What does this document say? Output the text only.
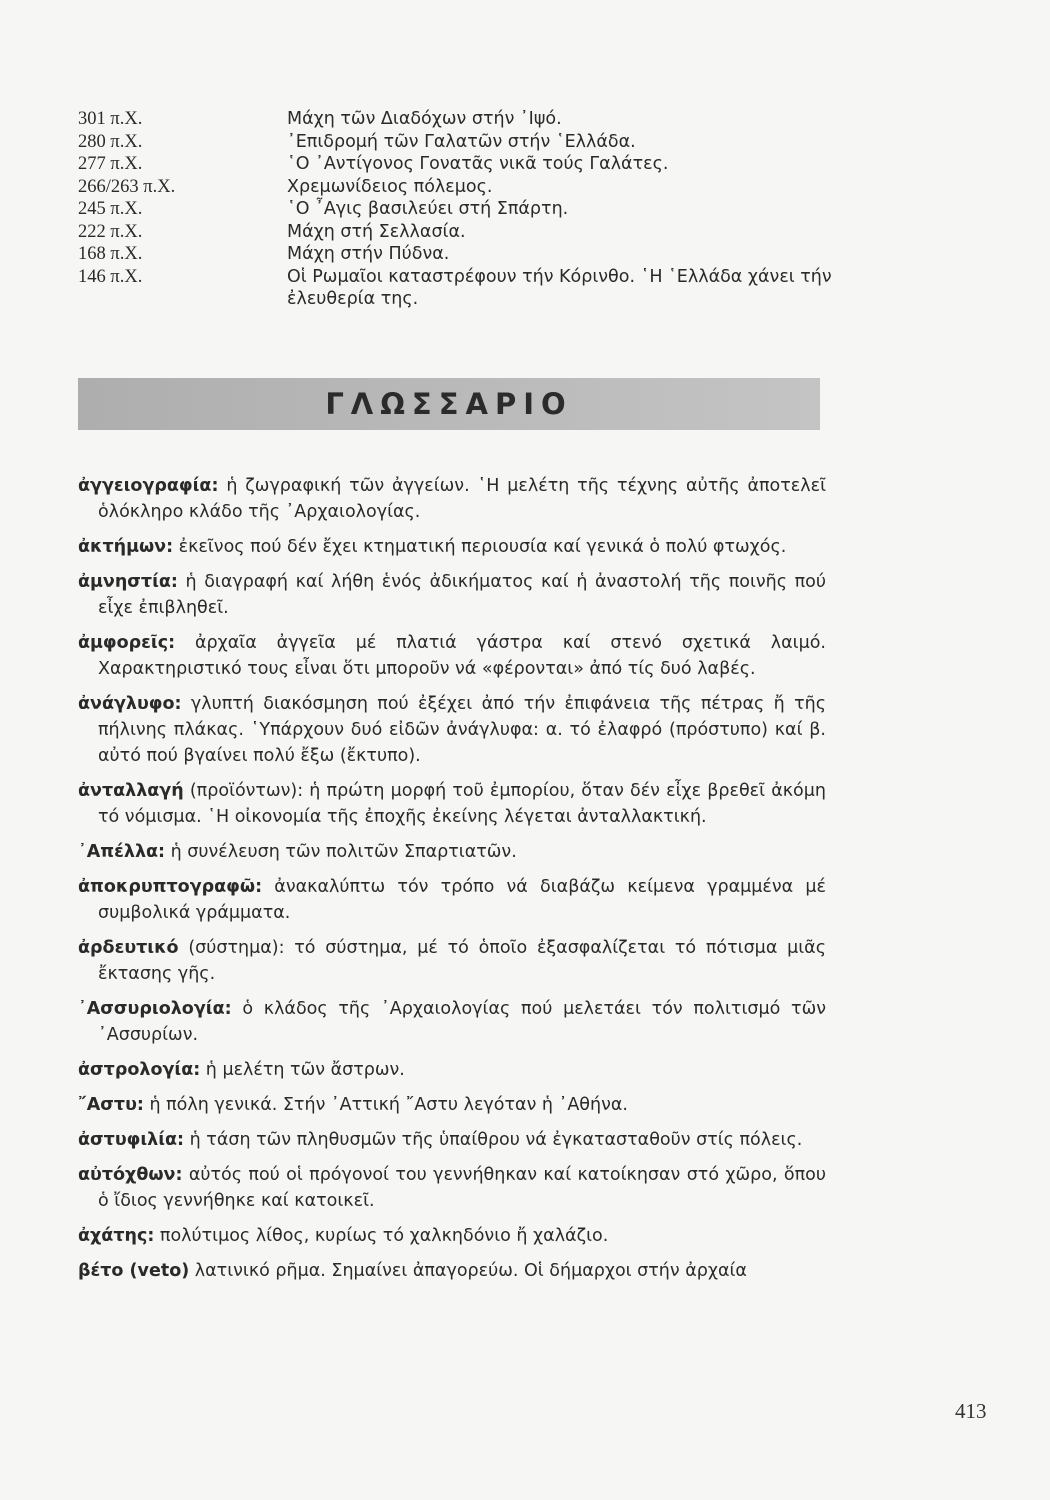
301 π.Χ.	Μάχη τῶν Διαδόχων στήν ᾿Ιψό.
280 π.Χ.	᾿Επιδρομή τῶν Γαλατῶν στήν ῾Ελλάδα.
277 π.Χ.	῾Ο ᾿Αντίγονος Γονατᾶς νικᾶ τούς Γαλάτες.
266/263 π.Χ.	Χρεμωνίδειος πόλεμος.
245 π.Χ.	῾Ο ῏Αγις βασιλεύει στή Σπάρτη.
222 π.Χ.	Μάχη στή Σελλασία.
168 π.Χ.	Μάχη στήν Πύδνα.
146 π.Χ.	Οἱ Ρωμαῖοι καταστρέφουν τήν Κόρινθο. ῾Η ῾Ελλάδα χάνει τήν ἐλευθερία της.
ΓΛΩΣΣΑΡΙΟ
ἀγγειογραφία: ἡ ζωγραφική τῶν ἀγγείων. ῾Η μελέτη τῆς τέχνης αὐτῆς ἀποτελεῖ ὁλόκληρο κλάδο τῆς ᾿Αρχαιολογίας.
ἀκτήμων: ἐκεῖνος πού δέν ἔχει κτηματική περιουσία καί γενικά ὁ πολύ φτωχός.
ἀμνηστία: ἡ διαγραφή καί λήθη ἑνός ἀδικήματος καί ἡ ἀναστολή τῆς ποινῆς πού εἶχε ἐπιβληθεῖ.
ἀμφορεῖς: ἀρχαῖα ἀγγεῖα μέ πλατιά γάστρα καί στενό σχετικά λαιμό. Χαρακτηριστικό τους εἶναι ὅτι μποροῦν νά «φέρονται» ἀπό τίς δυό λαβές.
ἀνάγλυφο: γλυπτή διακόσμηση πού ἐξέχει ἀπό τήν ἐπιφάνεια τῆς πέτρας ἤ τῆς πήλινης πλάκας. ῾Υπάρχουν δυό εἰδῶν ἀνάγλυφα: α. τό ἐλαφρό (πρόστυπο) καί β. αὐτό πού βγαίνει πολύ ἔξω (ἔκτυπο).
ἀνταλλαγή (προϊόντων): ἡ πρώτη μορφή τοῦ ἐμπορίου, ὅταν δέν εἶχε βρεθεῖ ἀκόμη τό νόμισμα. ῾Η οἰκονομία τῆς ἐποχῆς ἐκείνης λέγεται ἀνταλλακτική.
᾿Απέλλα: ἡ συνέλευση τῶν πολιτῶν Σπαρτιατῶν.
ἀποκρυπτογραφῶ: ἀνακαλύπτω τόν τρόπο νά διαβάζω κείμενα γραμμένα μέ συμβολικά γράμματα.
ἀρδευτικό (σύστημα): τό σύστημα, μέ τό ὁποῖο ἐξασφαλίζεται τό πότισμα μιᾶς ἔκτασης γῆς.
᾿Ασσυριολογία: ὁ κλάδος τῆς ᾿Αρχαιολογίας πού μελετάει τόν πολιτισμό τῶν ᾿Ασσυρίων.
ἀστρολογία: ἡ μελέτη τῶν ἄστρων.
῎Αστυ: ἡ πόλη γενικά. Στήν ᾿Αττική ῎Αστυ λεγόταν ἡ ᾿Αθήνα.
ἀστυφιλία: ἡ τάση τῶν πληθυσμῶν τῆς ὑπαίθρου νά ἐγκατασταθοῦν στίς πόλεις.
αὐτόχθων: αὐτός πού οἱ πρόγονοί του γεννήθηκαν καί κατοίκησαν στό χῶρο, ὅπου ὁ ἴδιος γεννήθηκε καί κατοικεῖ.
ἀχάτης: πολύτιμος λίθος, κυρίως τό χαλκηδόνιο ἤ χαλάζιο.
βέτο (veto) λατινικό ρῆμα. Σημαίνει ἀπαγορεύω. Οἱ δήμαρχοι στήν ἀρχαία
413
